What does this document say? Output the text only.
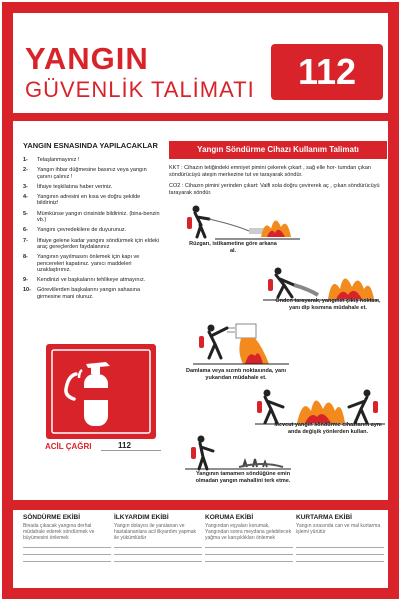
YANGIN
GÜVENLİK TALİMATI	112
YANGIN ESNASINDA YAPILACAKLAR
1-	Telaşlanmayınız !
2-	Yangın ihbar düğmesine basınız veya yangın çanını çalınız !
3-	İtfaiye teşkilatına haber veriniz.
4-	Yangının adresini en kısa ve doğru şekilde bildiriniz!
5-	Mümkünse yangın cinsinide bildiriniz. (bina-benzin vb.)
6-	Yangını çevredekilere de duyurunuz.
7-	İtfaiye gelene kadar yangını söndürmek için eldeki araç gereçlerden faydalanınız
8-	Yangının yayılmasını önlemek için kapı ve pencereleri kapatınız. yanıcı maddeleri uzaklaştırınız.
9-	Kendinizi ve başkalarını tehlikeye atmayınız.
10-	Görevlilerden başkalarını yangın sahasına girmesine mani olunuz.
ACİL ÇAĞRI	112
Yangın Söndürme Cihazı Kullanım Talimatı
KKT : Cihazın tetiğindeki emniyet pimini çekerek çıkart , sağ elle hor- tumdan çıkan söndürücüyü ateşin merkezine tut ve tarayarak söndür.
CO2 : Cihazın pimini yerinden çıkart: Valfi sola doğru çevirerek aç , çıkan söndürücüyü tarayarak söndür.
Rüzgarı, istikametine göre arkana al.
Önden tarayarak, yangının çıkış noktası, yanı dip kısmına müdahale et.
Damlama veya sızıntı noktasında, yanı yukarıdan müdahale et.
Mevcut yangın söndürme cihazlarını aynı anda değişik yönlerden kullan.
Yangının tamamen söndüğüne emin olmadan yangın mahallini terk etme.
SÖNDÜRME EKİBİ
Binada çıkacak yangına derhal müdahale ederek söndürmek ve büyümesini önlemek
İLKYARDIM EKİBİ
Yangın dolayısı ile yaralanan ve hastalananlara acil ilkyardım yapmak ile yükümlüdür
KORUMA EKİBİ
Yangından eşyaları korumak, Yangından sonra meydana gelebilecek yağma ve karışıklıkları önlemek
KURTARMA EKİBİ
Yangın sırasında can ve mal kurtarma işlemi yürütür
